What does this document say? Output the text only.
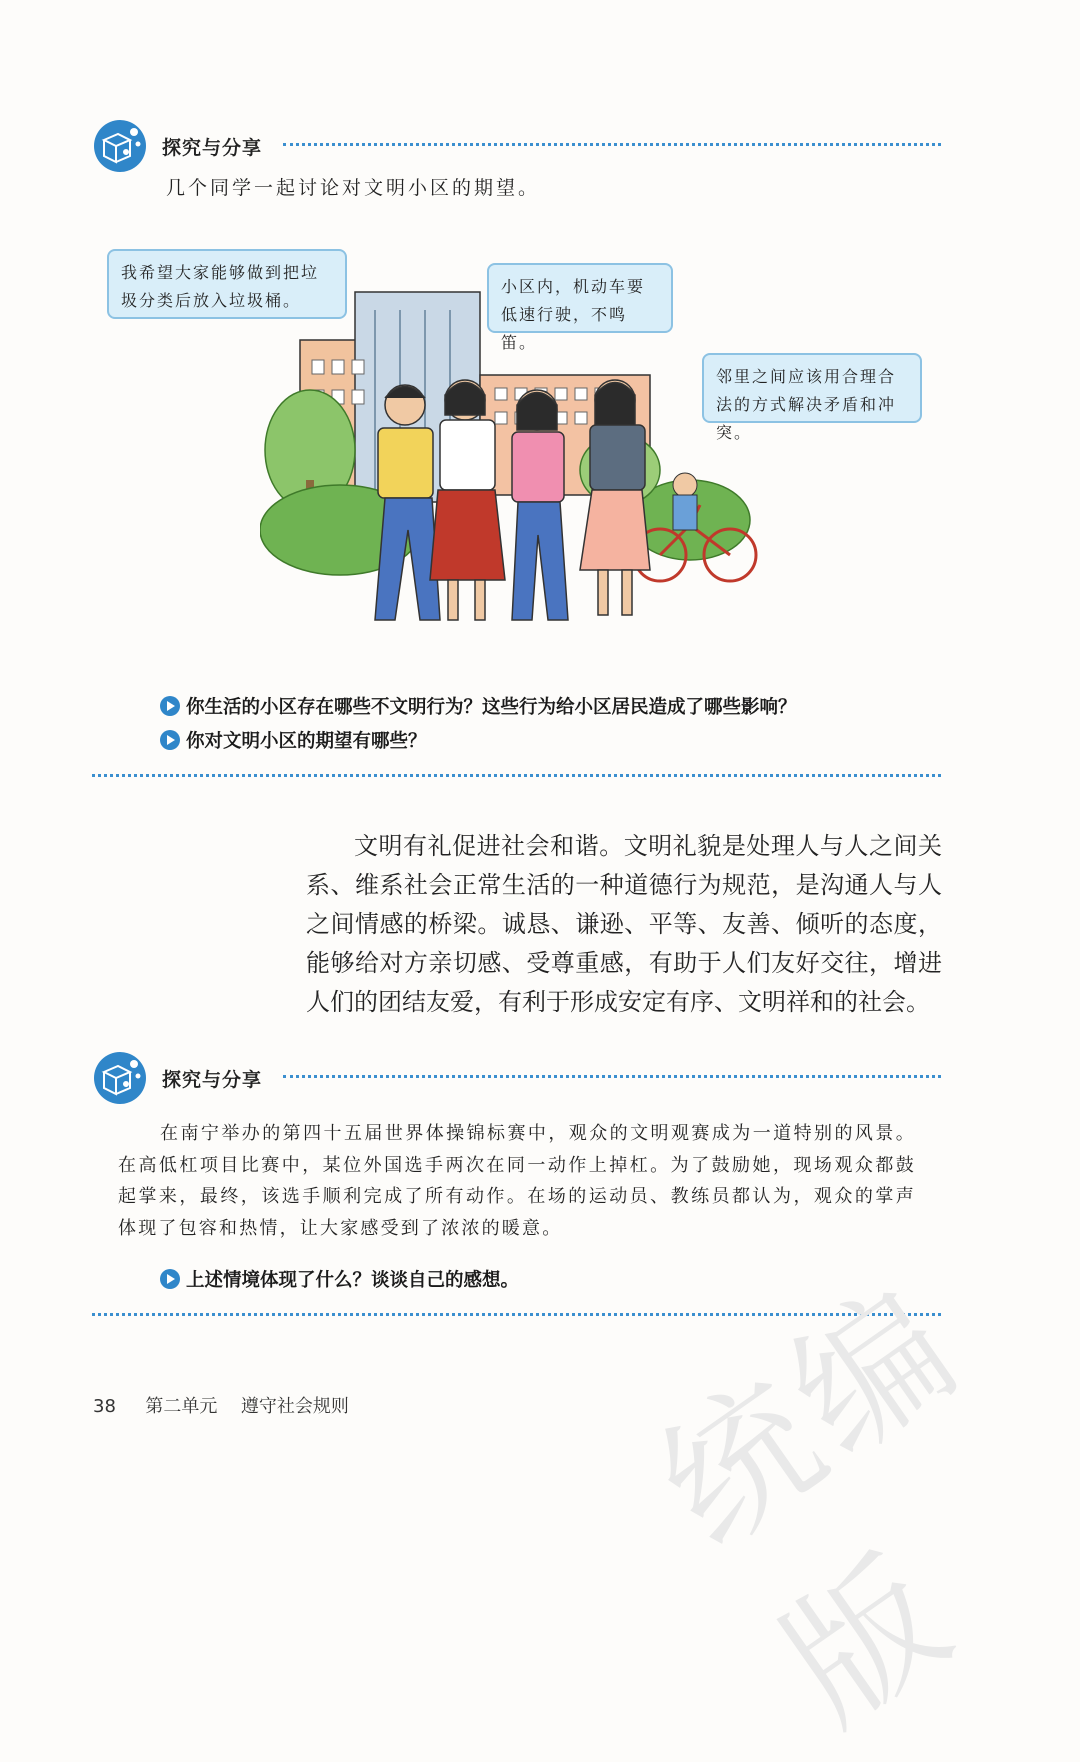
探究与分享
几个同学一起讨论对文明小区的期望。
我希望大家能够做到把垃圾分类后放入垃圾桶。
小区内，机动车要低速行驶，不鸣笛。
邻里之间应该用合理合法的方式解决矛盾和冲突。
你生活的小区存在哪些不文明行为？这些行为给小区居民造成了哪些影响？
你对文明小区的期望有哪些？

文明有礼促进社会和谐。文明礼貌是处理人与人之间关系、维系社会正常生活的一种道德行为规范，是沟通人与人之间情感的桥梁。诚恳、谦逊、平等、友善、倾听的态度，能够给对方亲切感、受尊重感，有助于人们友好交往，增进人们的团结友爱，有利于形成安定有序、文明祥和的社会。

探究与分享

在南宁举办的第四十五届世界体操锦标赛中，观众的文明观赛成为一道特别的风景。在高低杠项目比赛中，某位外国选手两次在同一动作上掉杠。为了鼓励她，现场观众都鼓起掌来，最终，该选手顺利完成了所有动作。在场的运动员、教练员都认为，观众的掌声体现了包容和热情，让大家感受到了浓浓的暖意。

上述情境体现了什么？谈谈自己的感想。 统编版
38 第二单元 遵守社会规则
